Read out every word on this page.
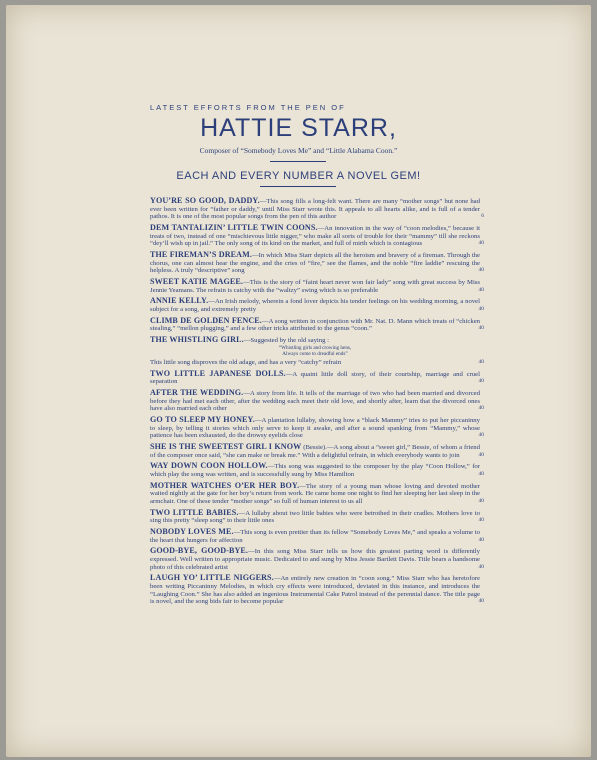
LATEST EFFORTS FROM THE PEN OF
HATTIE STARR,
Composer of “Somebody Loves Me” and “Little Alabama Coon.”
EACH AND EVERY NUMBER A NOVEL GEM!
YOU’RE SO GOOD, DADDY.—This song fills a long-felt want. There are many “mother songs” but none had ever been written for “father or daddy,” until Miss Starr wrote this. It appeals to all hearts alike, and is full of a tender pathos. It is one of the most popular songs from the pen of this author	6
DEM TANTALIZIN’ LITTLE TWIN COONS.—An innovation in the way of “coon melodies,” because it treats of two, instead of one “mischievous little nigger,” who make all sorts of trouble for their “mammy” till she reckons “dey’ll wish up in jail.” The only song of its kind on the market, and full of mirth which is contagious	40
THE FIREMAN’S DREAM.—In which Miss Starr depicts all the heroism and bravery of a fireman. Through the chorus, one can almost hear the engine, and the cries of “fire,” see the flames, and the noble “fire laddie” rescuing the helpless. A truly “descriptive” song	40
SWEET KATIE MAGEE.—This is the story of “faint heart never won fair lady” song with great success by Miss Jennie Yeamans. The refrain is catchy with the “waltzy” swing which is so preferable	40
ANNIE KELLY.—An Irish melody, wherein a fond lover depicts his tender feelings on his wedding morning, a novel subject for a song, and extremely pretty	40
CLIMB DE GOLDEN FENCE.—A song written in conjunction with Mr. Nat. D. Mann which treats of “chicken stealing,” “mellon plugging,” and a few other tricks attributed to the genus “coon.”	40
THE WHISTLING GIRL.—Suggested by the old saying :
“Whistling girls and crowing hens,
Always come to dreadful ends”
This little song disproves the old adage, and has a very “catchy” refrain	40
TWO LITTLE JAPANESE DOLLS.—A quaint little doll story, of their courtship, marriage and cruel separation	40
AFTER THE WEDDING.—A story from life. It tells of the marriage of two who had been married and divorced before they had met each other, after the wedding each meet their old love, and shortly after, learn that the divorced ones have also married each other	40
GO TO SLEEP MY HONEY.—A plantation lullaby, showing how a “black Mammy” tries to put her piccaninny to sleep, by telling it stories which only serve to keep it awake, and after a sound spanking from “Mammy,” whose patience has been exhausted, do the drowsy eyelids close	40
SHE IS THE SWEETEST GIRL I KNOW (Bessie).—A song about a “sweet girl,” Bessie, of whom a friend of the composer once said, “she can make or break me.” With a delightful refrain, in which everybody wants to join	40
WAY DOWN COON HOLLOW.—This song was suggested to the composer by the play “Coon Hollow,” for which play the song was written, and is successfully sung by Miss Hamilton	40
MOTHER WATCHES O’ER HER BOY.—The story of a young man whose loving and devoted mother waited nightly at the gate for her boy’s return from work. He came home one night to find her sleeping her last sleep in the armchair. One of these tender “mother songs” so full of human interest to us all	40
TWO LITTLE BABIES.—A lullaby about two little babies who were betrothed in their cradles. Mothers love to sing this pretty “sleep song” to their little ones	40
NOBODY LOVES ME.—This song is even prettier than its fellow “Somebody Loves Me,” and speaks a volume to the heart that hungers for affection	40
GOOD-BYE, GOOD-BYE.—In this song Miss Starr tells us how this greatest parting word is differently expressed. Well written to appropriate music. Dedicated to and sung by Miss Jessie Bartlett Davis. Title bears a handsome photo of this celebrated artist	40
LAUGH YO’ LITTLE NIGGERS.—An entirely new creation in “coon song.” Miss Starr who has heretofore been writing Piccaninny Melodies, in which cry effects were introduced, deviated in this instance, and introduces the “Laughing Coon.” She has also added an ingenious Instrumental Cake Patrol instead of the perennial dance. The title page is novel, and the song bids fair to become popular	40
